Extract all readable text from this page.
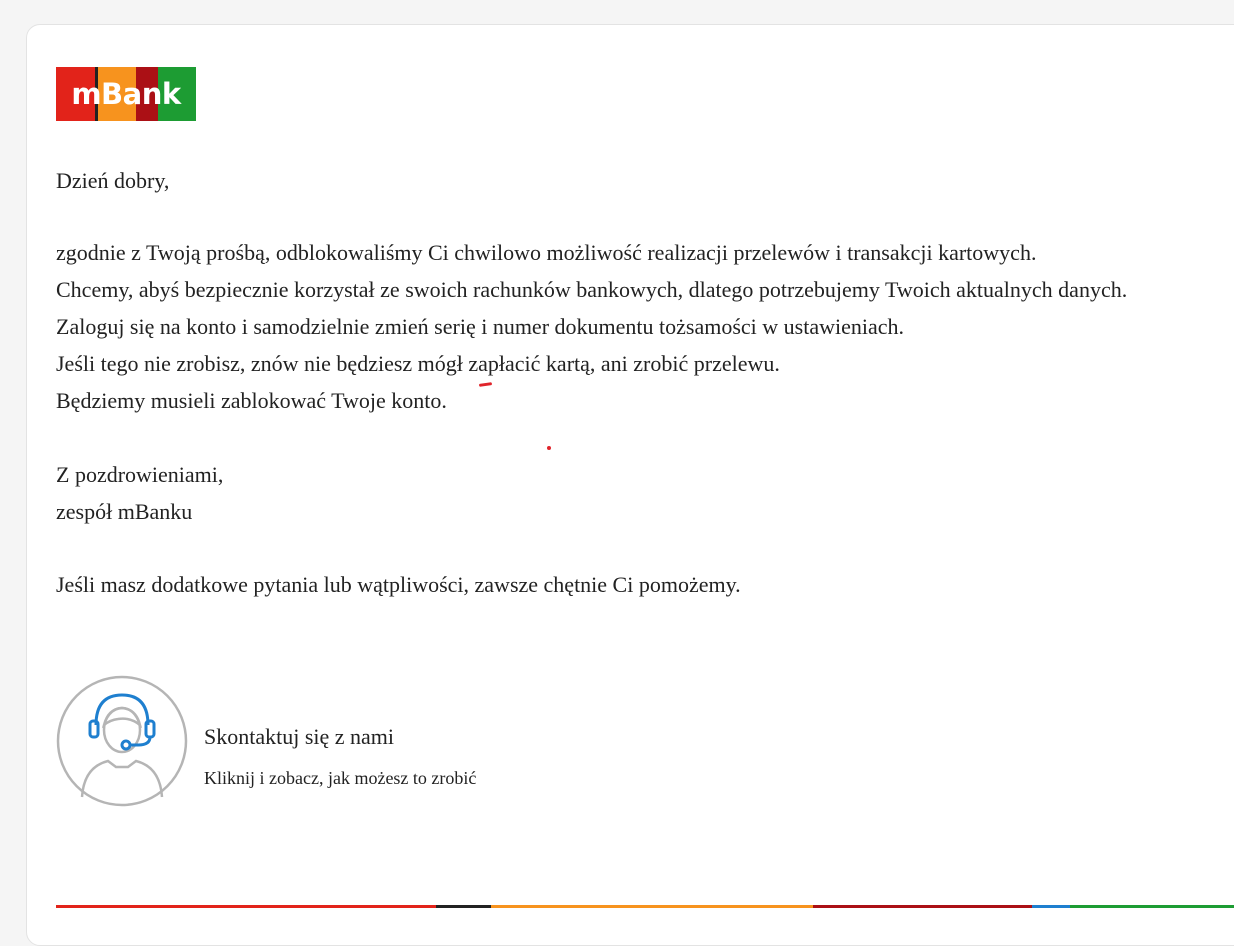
mBank
Dzień dobry,
zgodnie z Twoją prośbą, odblokowaliśmy Ci chwilowo możliwość realizacji przelewów i transakcji kartowych.
Chcemy, abyś bezpiecznie korzystał ze swoich rachunków bankowych, dlatego potrzebujemy Twoich aktualnych danych.
Zaloguj się na konto i samodzielnie zmień serię i numer dokumentu tożsamości w ustawieniach.
Jeśli tego nie zrobisz, znów nie będziesz mógł zapłacić kartą, ani zrobić przelewu.
Będziemy musieli zablokować Twoje konto.
Z pozdrowieniami,
zespół mBanku
Jeśli masz dodatkowe pytania lub wątpliwości, zawsze chętnie Ci pomożemy.
Skontaktuj się z nami
Kliknij i zobacz, jak możesz to zrobić
